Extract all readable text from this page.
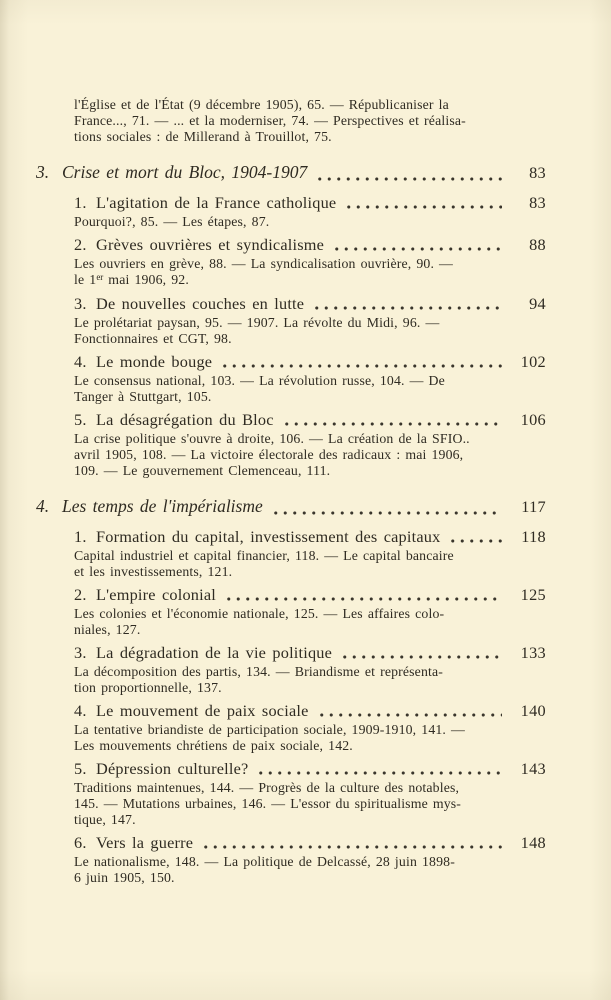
l'Église et de l'État (9 décembre 1905), 65. — Républicaniser la
France..., 71. — ... et la moderniser, 74. — Perspectives et réalisa-
tions sociales : de Millerand à Trouillot, 75.
3. Crise et mort du Bloc, 1904-1907	83
1. L'agitation de la France catholique	83
Pourquoi?, 85. — Les étapes, 87.
2. Grèves ouvrières et syndicalisme	88
Les ouvriers en grève, 88. — La syndicalisation ouvrière, 90. —
le 1er mai 1906, 92.
3. De nouvelles couches en lutte	94
Le prolétariat paysan, 95. — 1907. La révolte du Midi, 96. —
Fonctionnaires et CGT, 98.
4. Le monde bouge	102
Le consensus national, 103. — La révolution russe, 104. — De
Tanger à Stuttgart, 105.
5. La désagrégation du Bloc	106
La crise politique s'ouvre à droite, 106. — La création de la SFIO..
avril 1905, 108. — La victoire électorale des radicaux : mai 1906,
109. — Le gouvernement Clemenceau, 111.
4. Les temps de l'impérialisme	117
1. Formation du capital, investissement des capitaux	118
Capital industriel et capital financier, 118. — Le capital bancaire
et les investissements, 121.
2. L'empire colonial	125
Les colonies et l'économie nationale, 125. — Les affaires colo-
niales, 127.
3. La dégradation de la vie politique	133
La décomposition des partis, 134. — Briandisme et représenta-
tion proportionnelle, 137.
4. Le mouvement de paix sociale	140
La tentative briandiste de participation sociale, 1909-1910, 141. —
Les mouvements chrétiens de paix sociale, 142.
5. Dépression culturelle?	143
Traditions maintenues, 144. — Progrès de la culture des notables,
145. — Mutations urbaines, 146. — L'essor du spiritualisme mys-
tique, 147.
6. Vers la guerre	148
Le nationalisme, 148. — La politique de Delcassé, 28 juin 1898-
6 juin 1905, 150.
